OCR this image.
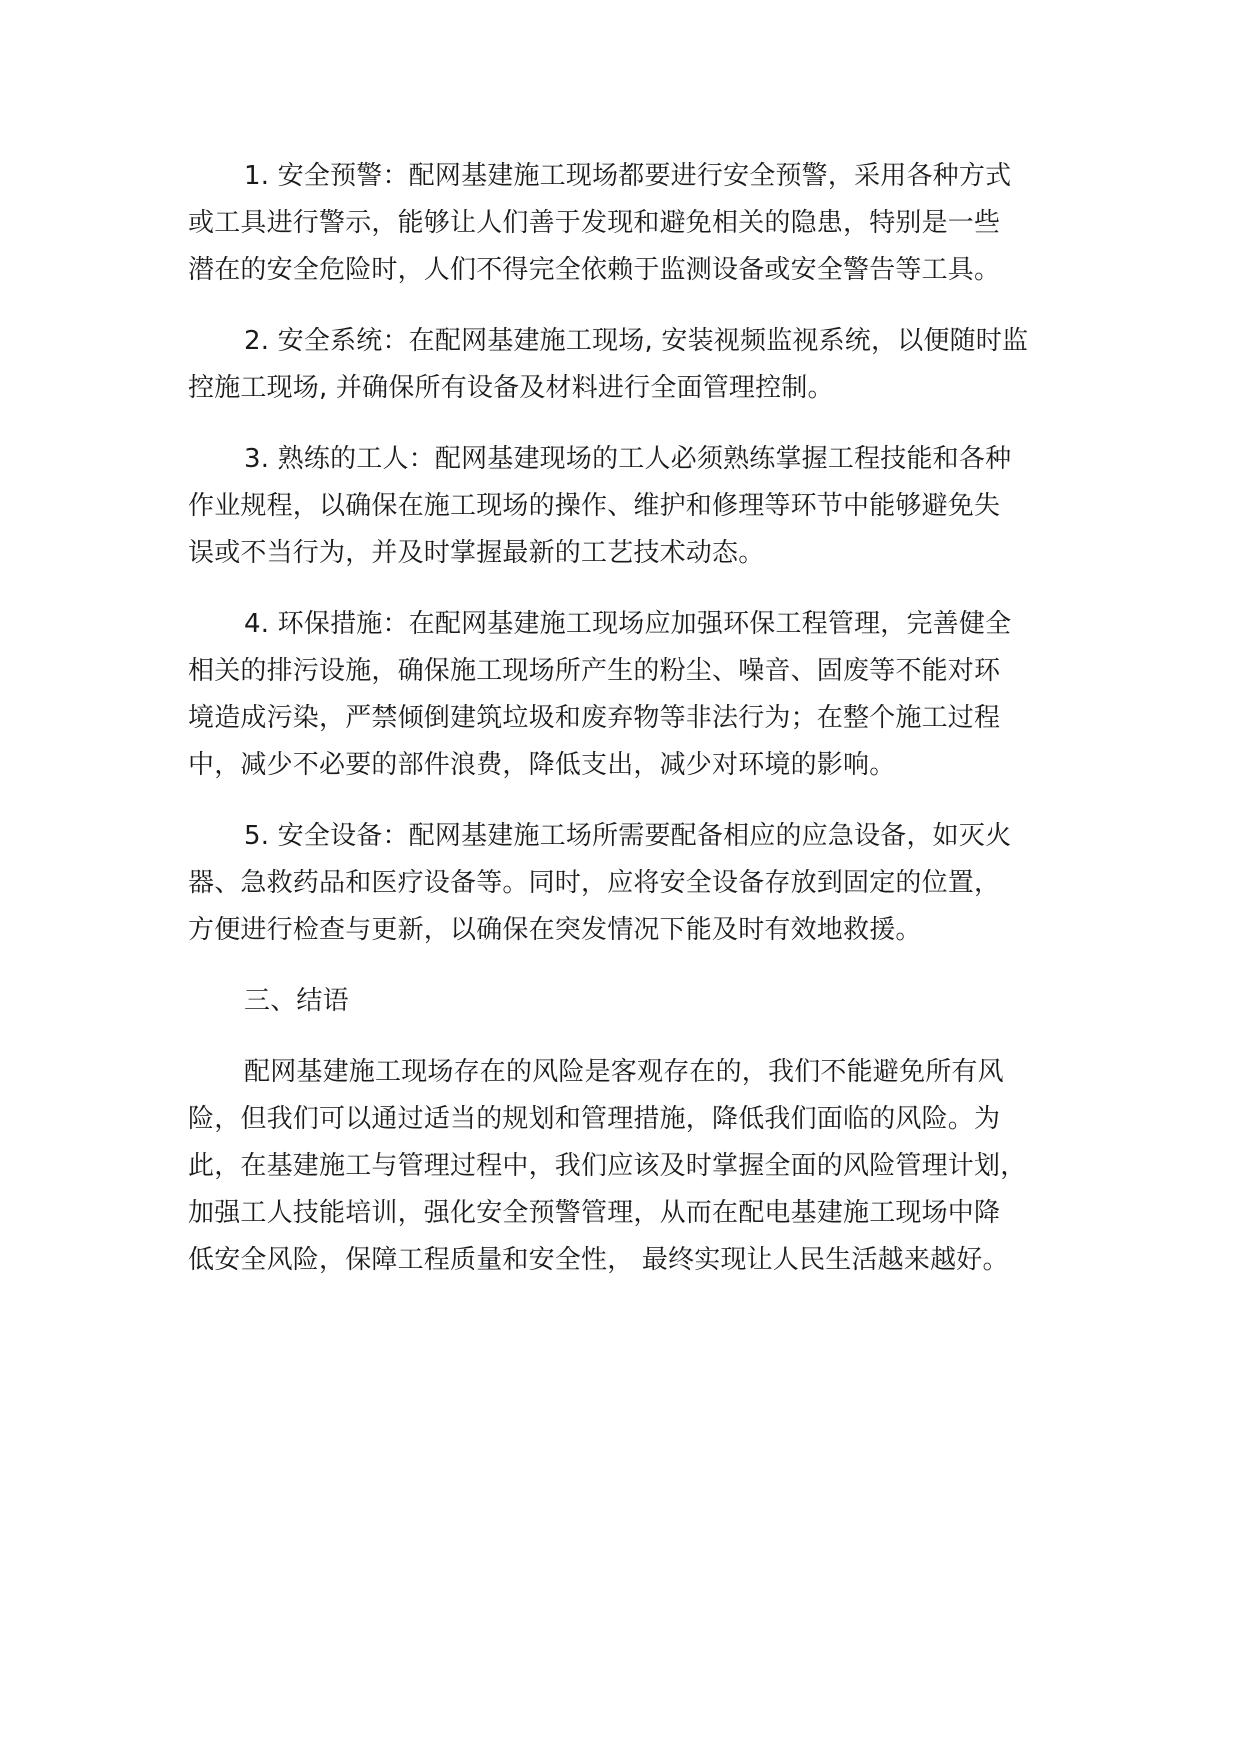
1. 安全预警：配网基建施工现场都要进行安全预警，采用各种方式
或工具进行警示，能够让人们善于发现和避免相关的隐患，特别是一些
潜在的安全危险时，人们不得完全依赖于监测设备或安全警告等工具。

2. 安全系统：在配网基建施工现场, 安装视频监视系统，以便随时监
控施工现场, 并确保所有设备及材料进行全面管理控制。

3. 熟练的工人：配网基建现场的工人必须熟练掌握工程技能和各种
作业规程，以确保在施工现场的操作、维护和修理等环节中能够避免失
误或不当行为，并及时掌握最新的工艺技术动态。

4. 环保措施：在配网基建施工现场应加强环保工程管理，完善健全
相关的排污设施，确保施工现场所产生的粉尘、噪音、固废等不能对环
境造成污染，严禁倾倒建筑垃圾和废弃物等非法行为；在整个施工过程
中，减少不必要的部件浪费，降低支出，减少对环境的影响。

5. 安全设备：配网基建施工场所需要配备相应的应急设备，如灭火
器、急救药品和医疗设备等。同时，应将安全设备存放到固定的位置，
方便进行检查与更新，以确保在突发情况下能及时有效地救援。

三、结语

配网基建施工现场存在的风险是客观存在的，我们不能避免所有风
险，但我们可以通过适当的规划和管理措施，降低我们面临的风险。为
此，在基建施工与管理过程中，我们应该及时掌握全面的风险管理计划，
加强工人技能培训，强化安全预警管理，从而在配电基建施工现场中降
低安全风险，保障工程质量和安全性， 最终实现让人民生活越来越好。
